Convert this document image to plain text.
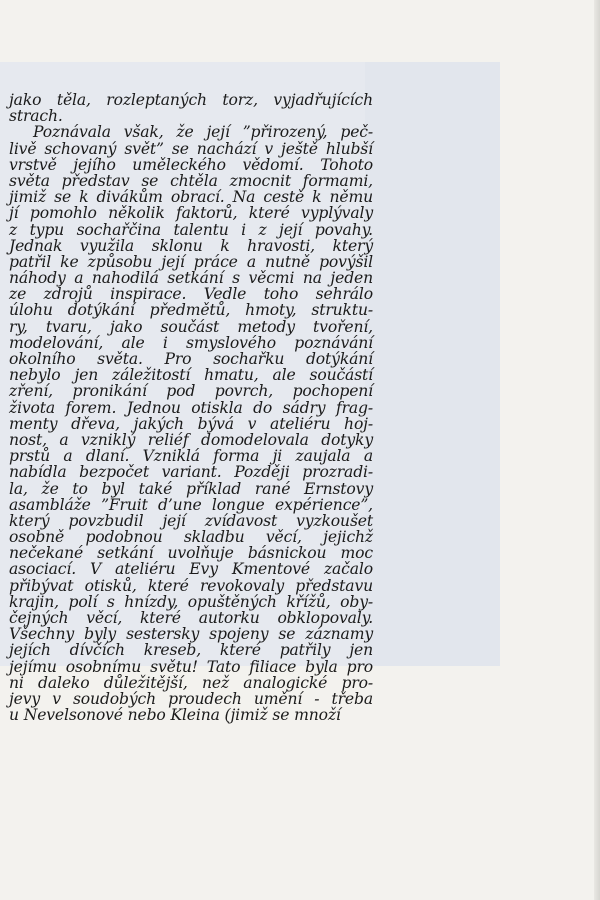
jako těla, rozleptaných torz, vyjadřujících
strach.
Poznávala však, že její ”přirozený, peč-
livě schovaný svět” se nachází v ještě hlubší
vrstvě jejího uměleckého vědomí. Tohoto
světa představ se chtěla zmocnit formami,
jimiž se k divákům obrací. Na cestě k němu
jí pomohlo několik faktorů, které vyplývaly
z typu sochařčina talentu i z její povahy.
Jednak využila sklonu k hravosti, který
patřil ke způsobu její práce a nutně povýšil
náhody a nahodilá setkání s věcmi na jeden
ze zdrojů inspirace. Vedle toho sehrálo
úlohu dotýkání předmětů, hmoty, struktu-
ry, tvaru, jako součást metody tvoření,
modelování, ale i smyslového poznávání
okolního světa. Pro sochařku dotýkání
nebylo jen záležitostí hmatu, ale součástí
zření, pronikání pod povrch, pochopení
života forem. Jednou otiskla do sádry frag-
menty dřeva, jakých bývá v ateliéru hoj-
nost, a vzniklý reliéf domodelovala dotyky
prstů a dlaní. Vzniklá forma ji zaujala a
nabídla bezpočet variant. Později prozradi-
la, že to byl také příklad rané Ernstovy
asambláže ”Fruit d’une longue expérience”,
který povzbudil její zvídavost vyzkoušet
osobně podobnou skladbu věcí, jejichž
nečekané setkání uvolňuje básnickou moc
asociací. V ateliéru Evy Kmentové začalo
přibývat otisků, které revokovaly představu
krajin, polí s hnízdy, opuštěných křížů, oby-
čejných věcí, které autorku obklopovaly.
Všechny byly sestersky spojeny se záznamy
jejích dívčích kreseb, které patřily jen
jejímu osobnímu světu! Tato filiace byla pro
ni daleko důležitější, než analogické pro-
jevy v soudobých proudech umění - třeba
u Nevelsonové nebo Kleina (jimiž se množí
